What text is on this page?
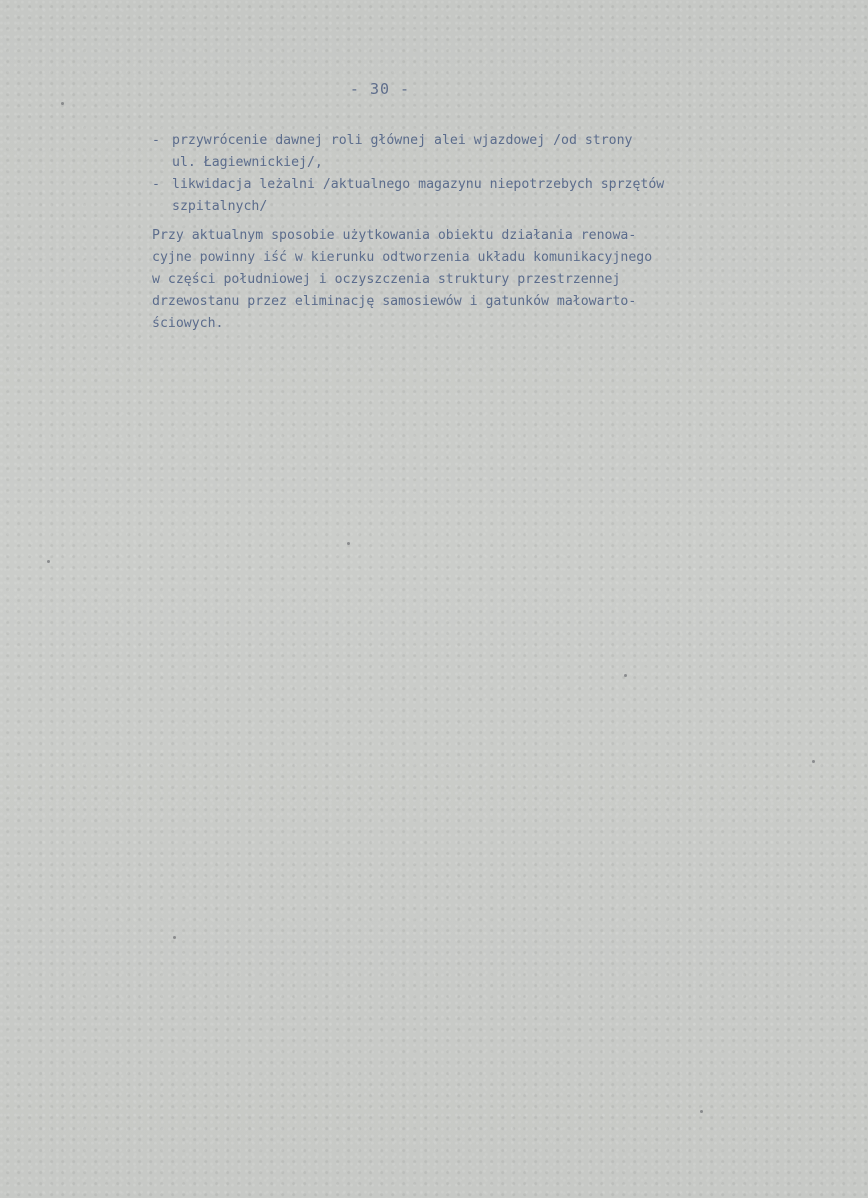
- 30 -
- przywrócenie dawnej roli głównej alei wjazdowej /od strony
ul. Łagiewnickiej/,
- likwidacja leżalni /aktualnego magazynu niepotrzebych sprzętów
szpitalnych/
Przy aktualnym sposobie użytkowania obiektu działania renowa-
cyjne powinny iść w kierunku odtworzenia układu komunikacyjnego
w części południowej i oczyszczenia struktury przestrzennej
drzewostanu przez eliminację samosiewów i gatunków małowarto-
ściowych.
